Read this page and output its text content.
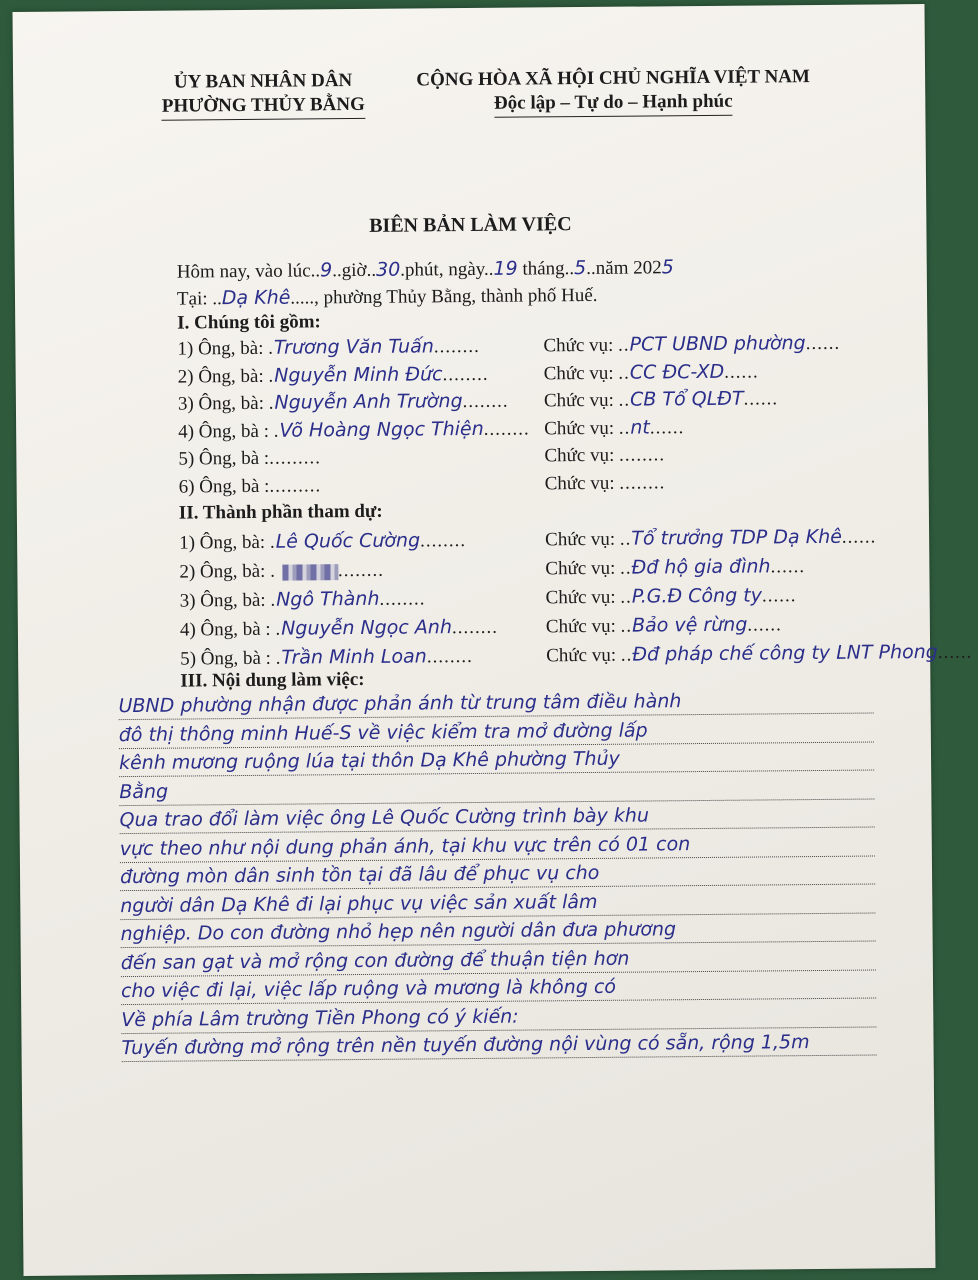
ỦY BAN NHÂN DÂN
PHƯỜNG THỦY BẰNG
CỘNG HÒA XÃ HỘI CHỦ NGHĨA VIỆT NAM
Độc lập – Tự do – Hạnh phúc
BIÊN BẢN LÀM VIỆC
Hôm nay, vào lúc..9..giờ..30.phút, ngày..19 tháng..5..năm 2025
Tại: ..Dạ Khê....., phường Thủy Bằng, thành phố Huế.
I. Chúng tôi gồm:
1) Ông, bà: .Trương Văn Tuấn........	Chức vụ: ..PCT UBND phường......
2) Ông, bà: .Nguyễn Minh Đức........	Chức vụ: ..CC ĐC-XD......
3) Ông, bà: .Nguyễn Anh Trường........ Chức vụ: ..CB Tổ QLĐT......
4) Ông, bà : .Võ Hoàng Ngọc Thiện........ Chức vụ: ..nt......
5) Ông, bà :.........	Chức vụ: ........
6) Ông, bà :.........	Chức vụ: ........
II. Thành phần tham dự:
1) Ông, bà: .Lê Quốc Cường........	Chức vụ: ..Tổ trưởng TDP Dạ Khê......
2) Ông, bà: .	........	Chức vụ: ..Đđ hộ gia đình......
3) Ông, bà: .Ngô Thành........	Chức vụ: ..P.G.Đ Công ty......
4) Ông, bà : .Nguyễn Ngọc Anh........	Chức vụ: ..Bảo vệ rừng......
5) Ông, bà : .Trần Minh Loan........	Chức vụ: ..Đđ pháp chế công ty LNT Phong......
III. Nội dung làm việc:
UBND phường nhận được phản ánh từ trung tâm điều hành
đô thị thông minh Huế-S về việc kiểm tra mở đường lấp
kênh mương ruộng lúa tại thôn Dạ Khê phường Thủy
Bằng
Qua trao đổi làm việc ông Lê Quốc Cường trình bày khu
vực theo như nội dung phản ánh, tại khu vực trên có 01 con
đường mòn dân sinh tồn tại đã lâu để phục vụ cho
người dân Dạ Khê đi lại phục vụ việc sản xuất lâm
nghiệp. Do con đường nhỏ hẹp nên người dân đưa phương
đến san gạt và mở rộng con đường để thuận tiện hơn
cho việc đi lại, việc lấp ruộng và mương là không có
Về phía Lâm trường Tiền Phong có ý kiến:
Tuyến đường mở rộng trên nền tuyến đường nội vùng có sẵn, rộng 1,5m
